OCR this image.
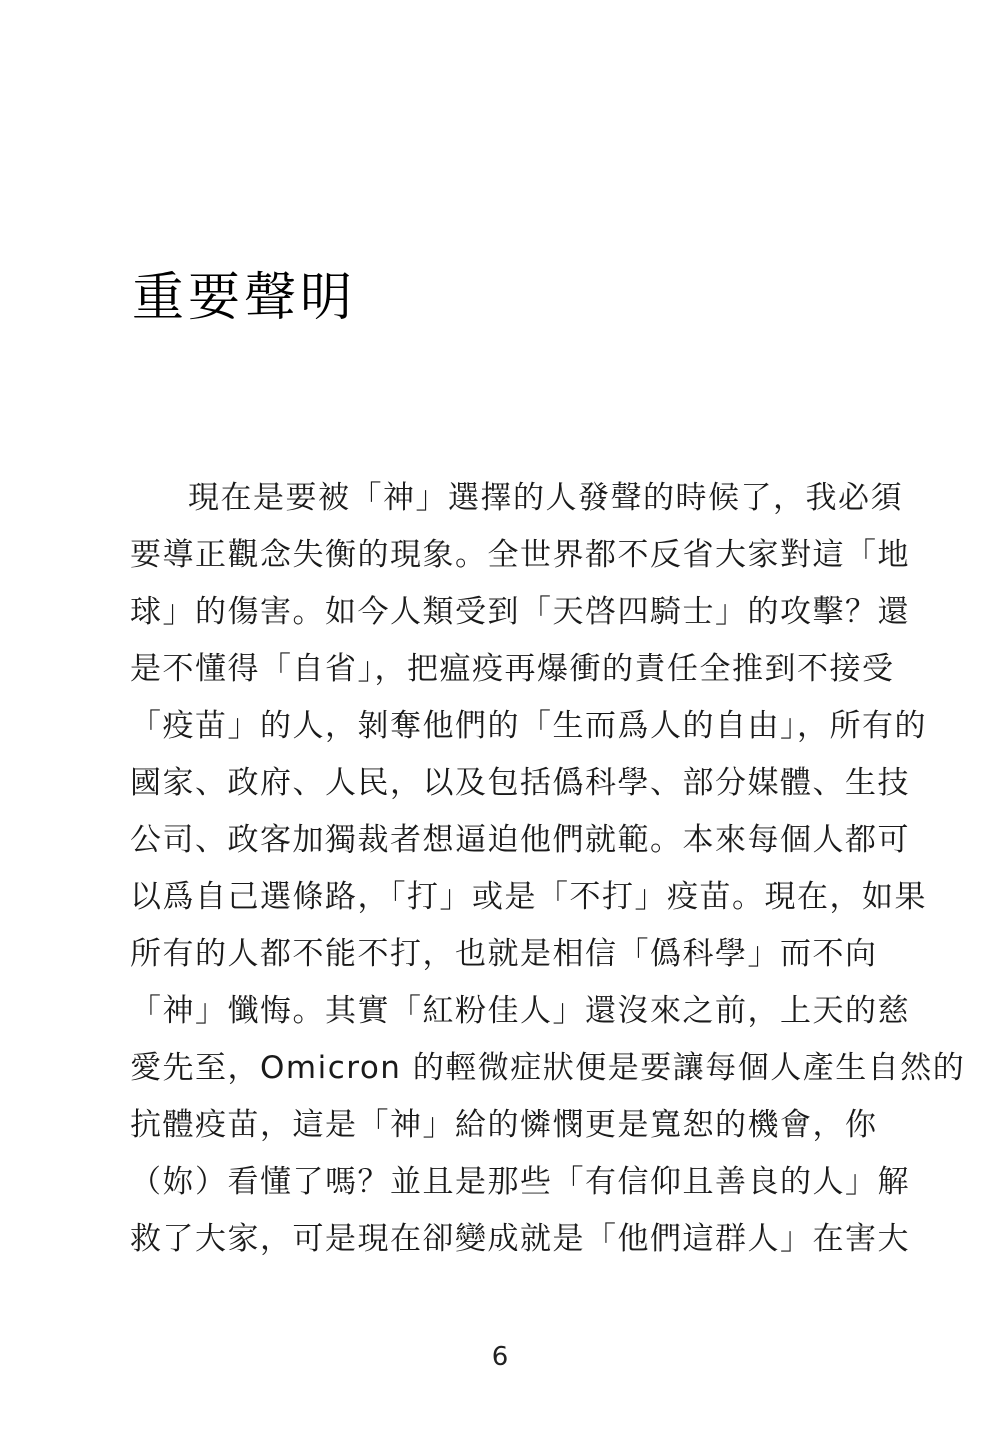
重要聲明
現在是要被「神」選擇的人發聲的時候了，我必須
要導正觀念失衡的現象。全世界都不反省大家對這「地
球」的傷害。如今人類受到「天啓四騎士」的攻擊？還
是不懂得「自省」，把瘟疫再爆衝的責任全推到不接受
「疫苗」的人，剝奪他們的「生而爲人的自由」，所有的
國家、政府、人民，以及包括僞科學、部分媒體、生技
公司、政客加獨裁者想逼迫他們就範。本來每個人都可
以爲自己選條路，「打」或是「不打」疫苗。現在，如果
所有的人都不能不打，也就是相信「僞科學」而不向
「神」懺悔。其實「紅粉佳人」還沒來之前，上天的慈
愛先至，Omicron 的輕微症狀便是要讓每個人產生自然的
抗體疫苗，這是「神」給的憐憫更是寬恕的機會，你
（妳）看懂了嗎？並且是那些「有信仰且善良的人」解
救了大家，可是現在卻變成就是「他們這群人」在害大
6
